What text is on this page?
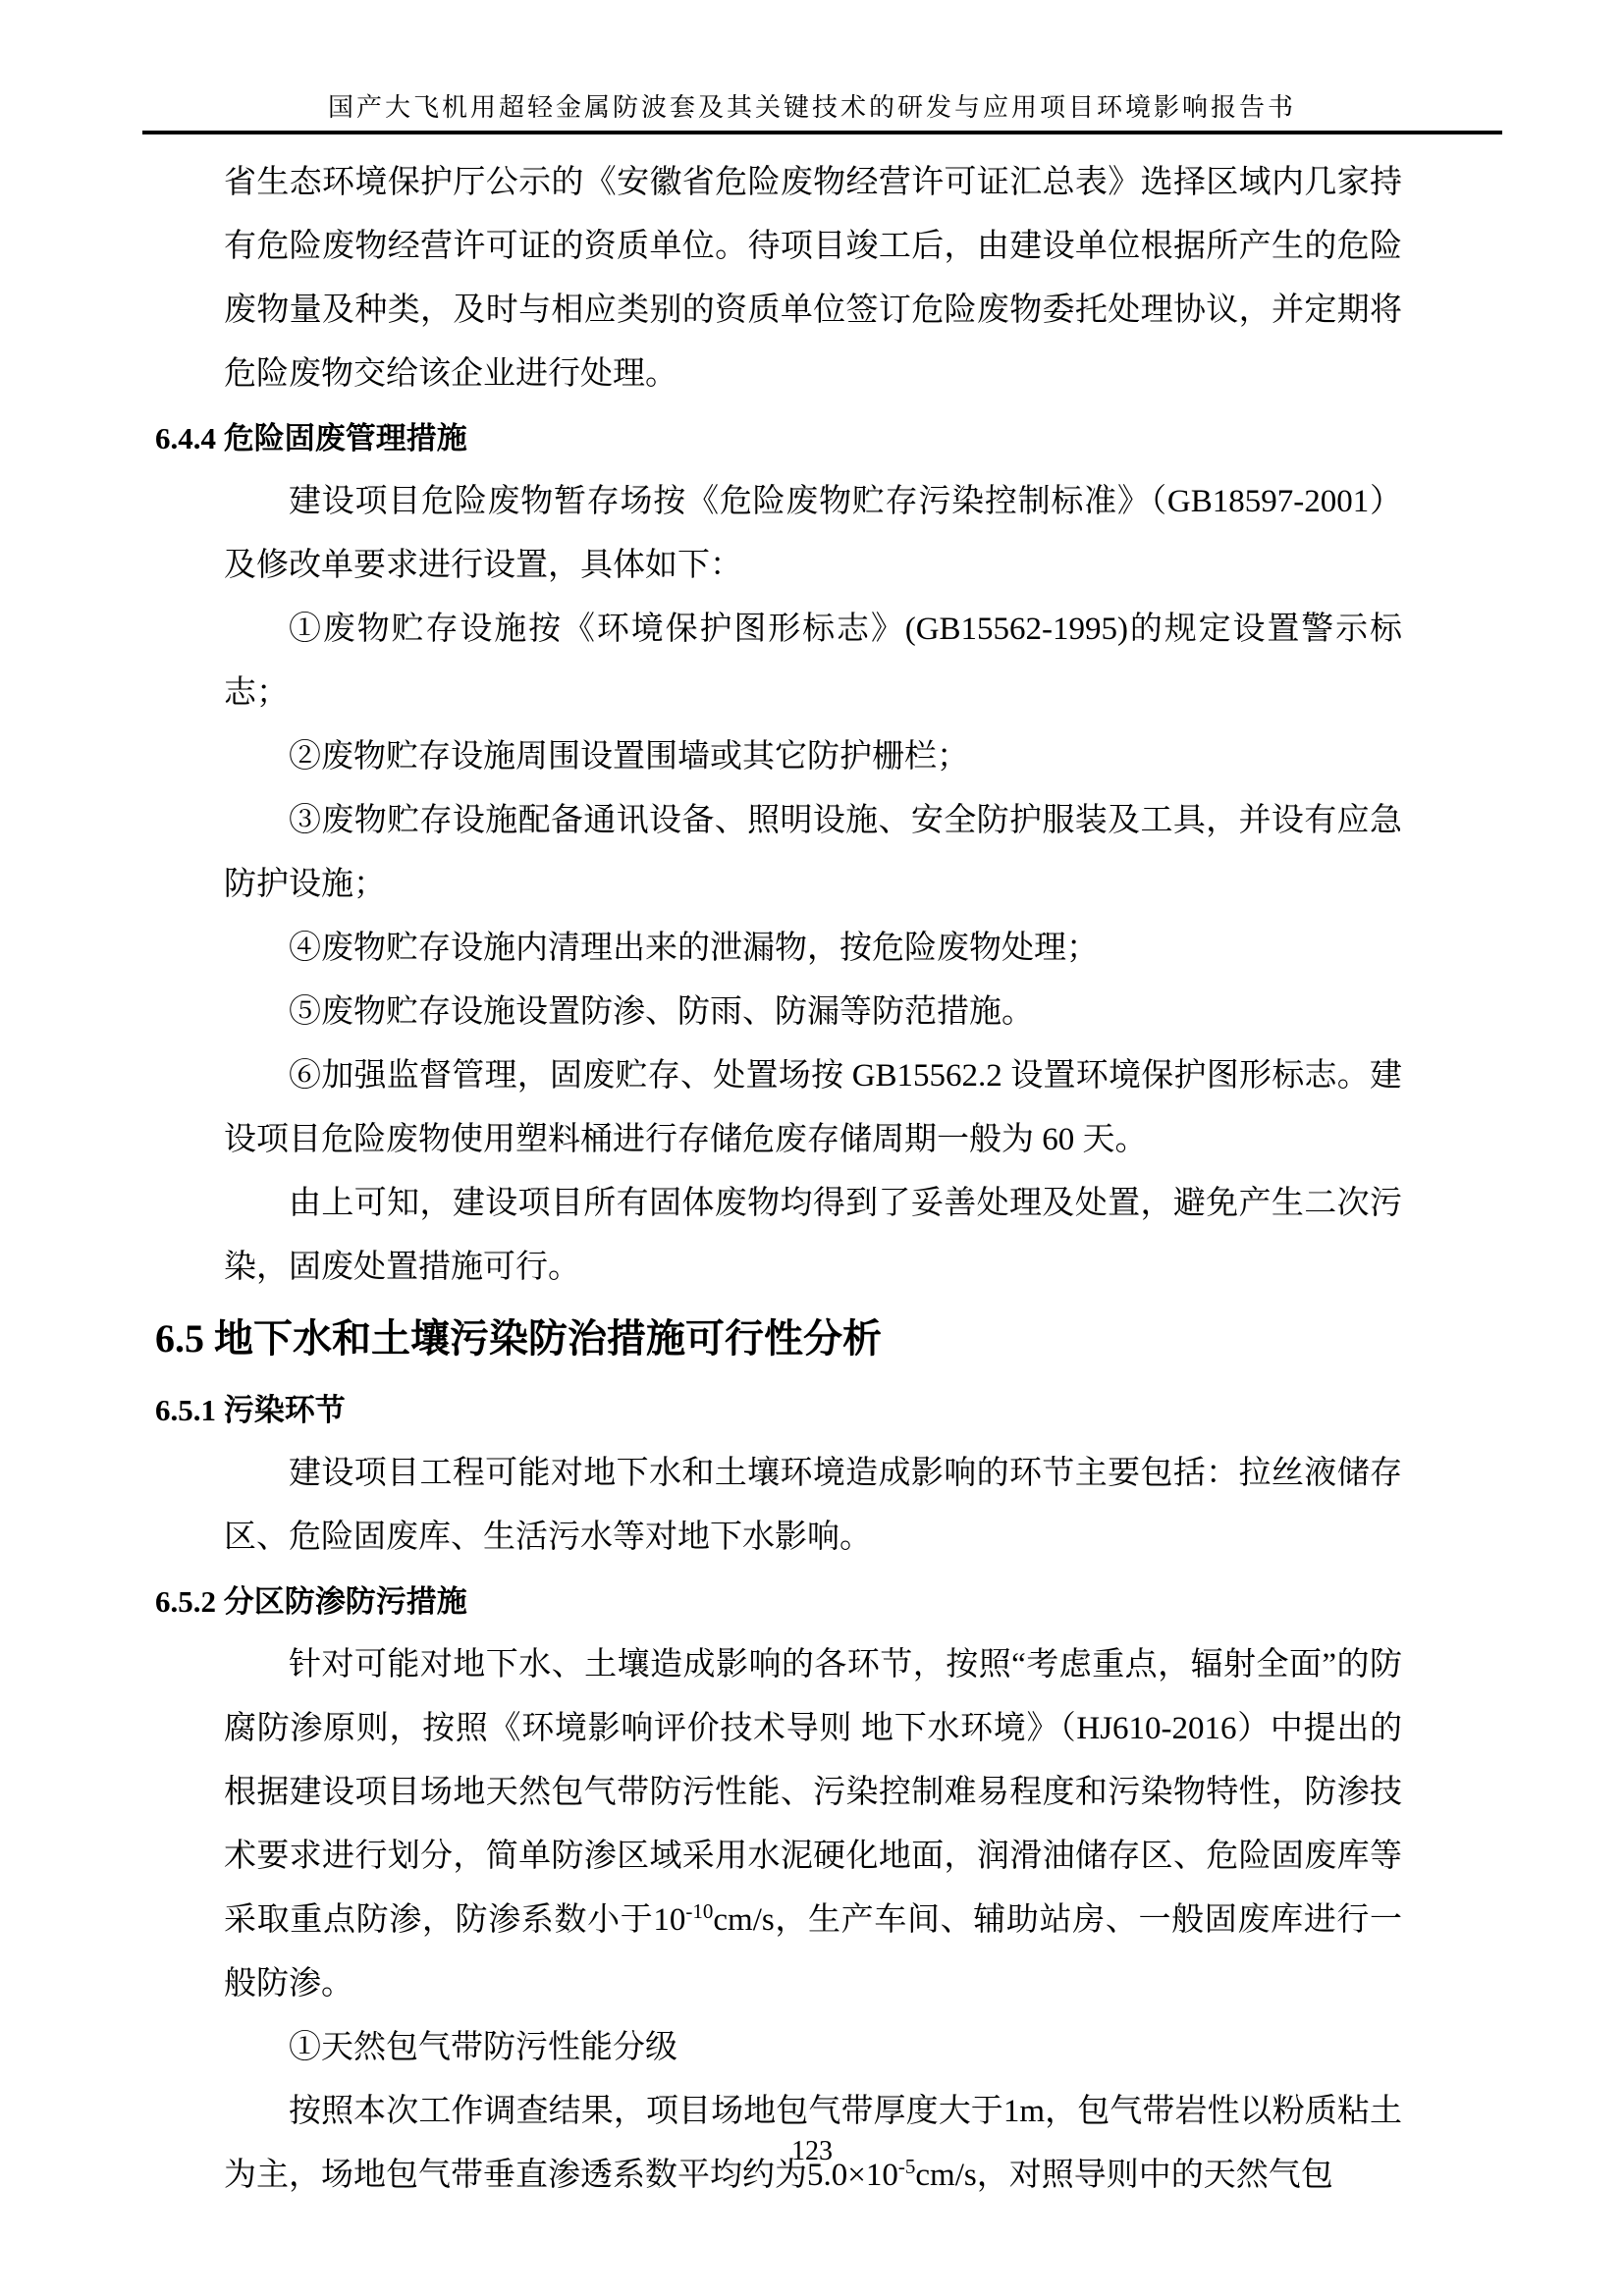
国产大飞机用超轻金属防波套及其关键技术的研发与应用项目环境影响报告书

省生态环境保护厅公示的《安徽省危险废物经营许可证汇总表》选择区域内几家持有危险废物经营许可证的资质单位。待项目竣工后，由建设单位根据所产生的危险废物量及种类，及时与相应类别的资质单位签订危险废物委托处理协议，并定期将危险废物交给该企业进行处理。

6.4.4 危险固废管理措施

建设项目危险废物暂存场按《危险废物贮存污染控制标准》（GB18597-2001）及修改单要求进行设置，具体如下：

①废物贮存设施按《环境保护图形标志》(GB15562-1995)的规定设置警示标志；

②废物贮存设施周围设置围墙或其它防护栅栏；

③废物贮存设施配备通讯设备、照明设施、安全防护服装及工具，并设有应急防护设施；

④废物贮存设施内清理出来的泄漏物，按危险废物处理；

⑤废物贮存设施设置防渗、防雨、防漏等防范措施。

⑥加强监督管理，固废贮存、处置场按 GB15562.2 设置环境保护图形标志。建设项目危险废物使用塑料桶进行存储危废存储周期一般为 60 天。

由上可知，建设项目所有固体废物均得到了妥善处理及处置，避免产生二次污染，固废处置措施可行。

6.5 地下水和土壤污染防治措施可行性分析
6.5.1 污染环节

建设项目工程可能对地下水和土壤环境造成影响的环节主要包括：拉丝液储存区、危险固废库、生活污水等对地下水影响。

6.5.2 分区防渗防污措施

针对可能对地下水、土壤造成影响的各环节，按照“考虑重点，辐射全面”的防腐防渗原则，按照《环境影响评价技术导则 地下水环境》（HJ610-2016）中提出的根据建设项目场地天然包气带防污性能、污染控制难易程度和污染物特性，防渗技术要求进行划分，简单防渗区域采用水泥硬化地面，润滑油储存区、危险固废库等采取重点防渗，防渗系数小于$10^{-10}cm/s$，生产车间、辅助站房、一般固废库进行一般防渗。

①天然包气带防污性能分级

按照本次工作调查结果，项目场地包气带厚度大于1m，包气带岩性以粉质粘土为主，场地包气带垂直渗透系数平均约为$5.0\times 10^{-5}cm/s$，对照导则中的天然气包

123
